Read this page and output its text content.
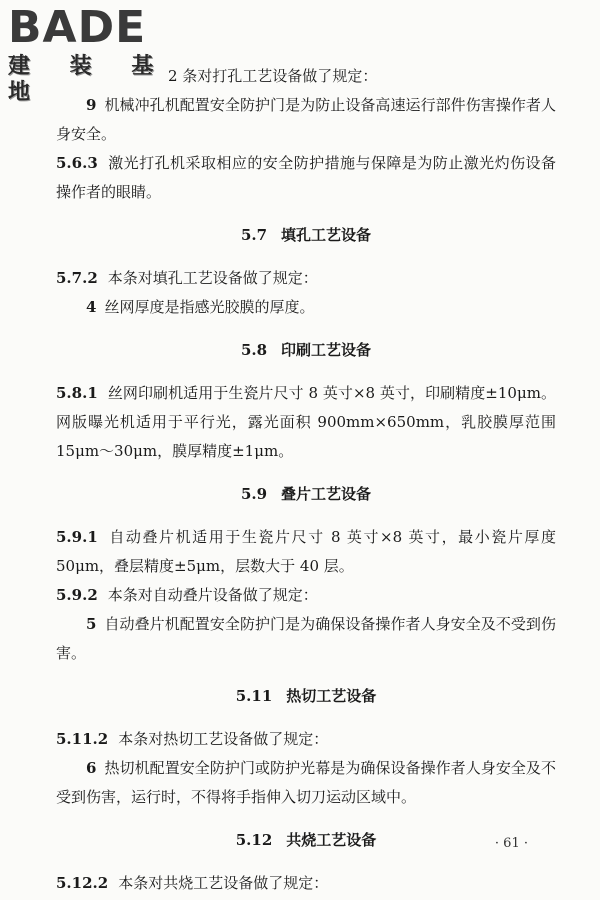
BADE
建 装 基 地

2 条对打孔工艺设备做了规定：

9 机械冲孔机配置安全防护门是为防止设备高速运行部件伤害操作者人身安全。

5.6.3 激光打孔机采取相应的安全防护措施与保障是为防止激光灼伤设备操作者的眼睛。

5.7 填孔工艺设备

5.7.2 本条对填孔工艺设备做了规定：

4 丝网厚度是指感光胶膜的厚度。

5.8 印刷工艺设备

5.8.1 丝网印刷机适用于生瓷片尺寸 8 英寸×8 英寸，印刷精度±10μm。网版曝光机适用于平行光，露光面积 900mm×650mm，乳胶膜厚范围 15μm～30μm，膜厚精度±1μm。

5.9 叠片工艺设备

5.9.1 自动叠片机适用于生瓷片尺寸 8 英寸×8 英寸，最小瓷片厚度 50μm，叠层精度±5μm，层数大于 40 层。

5.9.2 本条对自动叠片设备做了规定：

5 自动叠片机配置安全防护门是为确保设备操作者人身安全及不受到伤害。

5.11 热切工艺设备

5.11.2 本条对热切工艺设备做了规定：

6 热切机配置安全防护门或防护光幕是为确保设备操作者人身安全及不受到伤害，运行时，不得将手指伸入切刀运动区域中。

5.12 共烧工艺设备

5.12.2 本条对共烧工艺设备做了规定：

· 61 ·
